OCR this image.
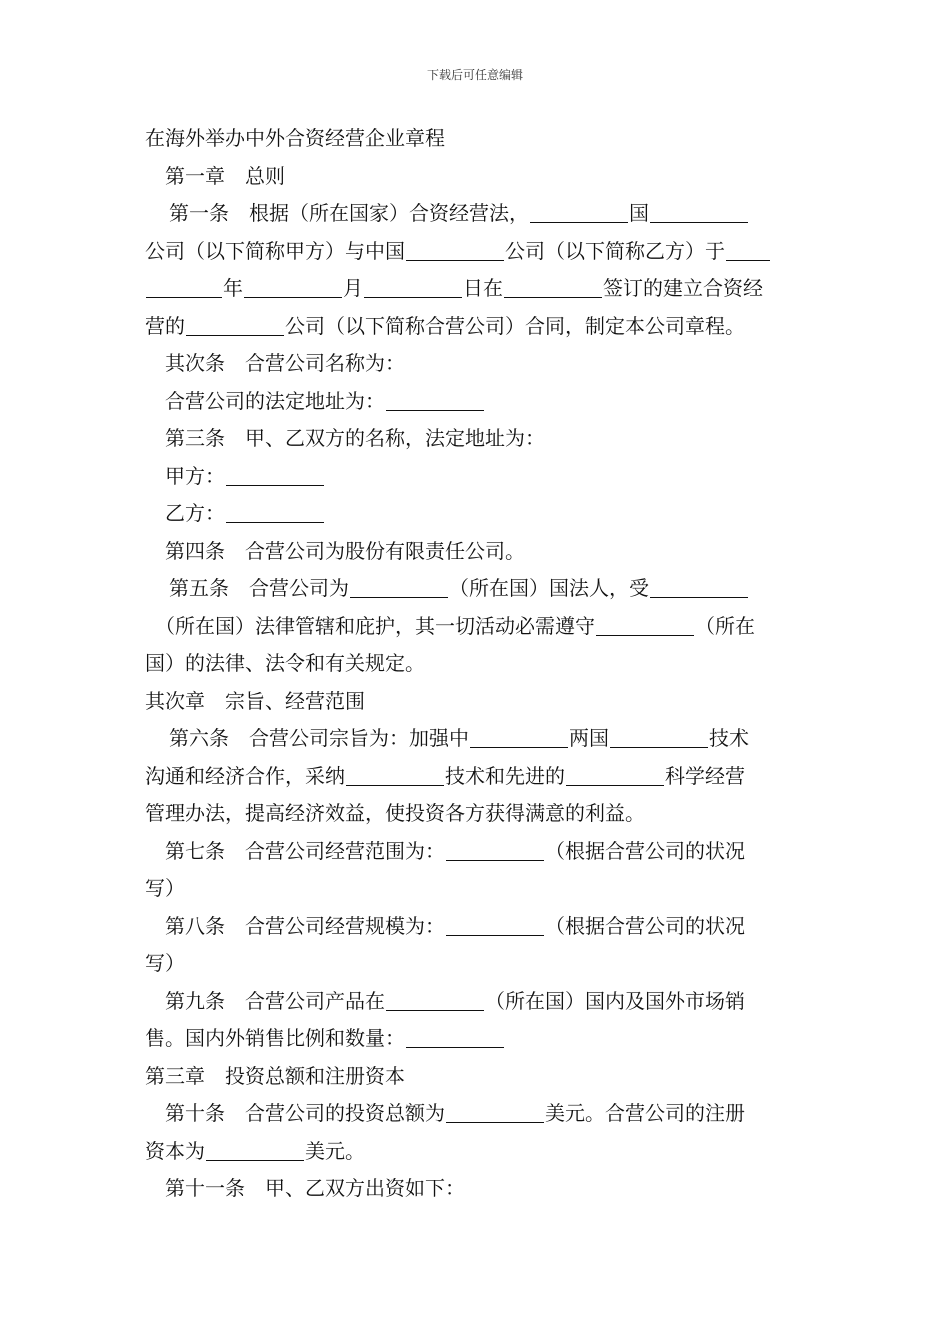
下载后可任意编辑
在海外举办中外合资经营企业章程
第一章　总则
第一条　根据（所在国家）合资经营法，	国
公司（以下简称甲方）与中国	公司（以下简称乙方）于
年	月	日在	签订的建立合资经
营的	公司（以下简称合营公司）合同，制定本公司章程。
其次条　合营公司名称为：
合营公司的法定地址为：
第三条　甲、乙双方的名称，法定地址为：
甲方：
乙方：
第四条　合营公司为股份有限责任公司。
第五条　合营公司为	（所在国）国法人，受
（所在国）法律管辖和庇护，其一切活动必需遵守	（所在
国）的法律、法令和有关规定。
其次章　宗旨、经营范围
第六条　合营公司宗旨为：加强中	两国	技术
沟通和经济合作，采纳	技术和先进的	科学经营
管理办法，提高经济效益，使投资各方获得满意的利益。
第七条　合营公司经营范围为：	（根据合营公司的状况
写）
第八条　合营公司经营规模为：	（根据合营公司的状况
写）
第九条　合营公司产品在	（所在国）国内及国外市场销
售。国内外销售比例和数量：
第三章　投资总额和注册资本
第十条　合营公司的投资总额为	美元。合营公司的注册
资本为	美元。
第十一条　甲、乙双方出资如下：
